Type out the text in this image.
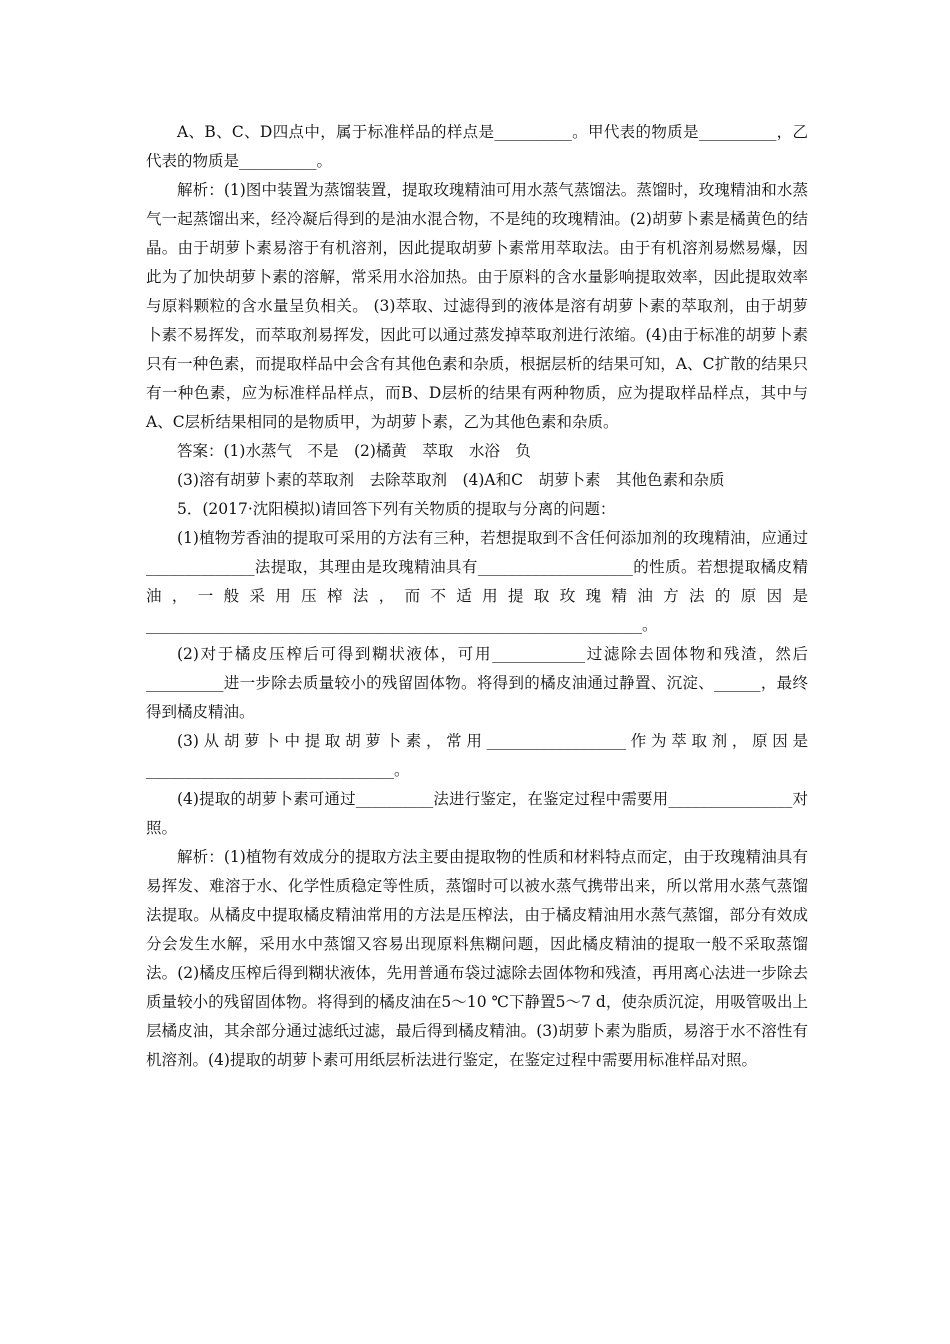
A、B、C、D四点中，属于标准样品的样点是__________。甲代表的物质是__________，乙代表的物质是__________。

解析：(1)图中装置为蒸馏装置，提取玫瑰精油可用水蒸气蒸馏法。蒸馏时，玫瑰精油和水蒸气一起蒸馏出来，经冷凝后得到的是油水混合物，不是纯的玫瑰精油。(2)胡萝卜素是橘黄色的结晶。由于胡萝卜素易溶于有机溶剂，因此提取胡萝卜素常用萃取法。由于有机溶剂易燃易爆，因此为了加快胡萝卜素的溶解，常采用水浴加热。由于原料的含水量影响提取效率，因此提取效率与原料颗粒的含水量呈负相关。 (3)萃取、过滤得到的液体是溶有胡萝卜素的萃取剂，由于胡萝卜素不易挥发，而萃取剂易挥发，因此可以通过蒸发掉萃取剂进行浓缩。(4)由于标准的胡萝卜素只有一种色素，而提取样品中会含有其他色素和杂质，根据层析的结果可知，A、C扩散的结果只有一种色素，应为标准样品样点，而B、D层析的结果有两种物质，应为提取样品样点，其中与A、C层析结果相同的是物质甲，为胡萝卜素，乙为其他色素和杂质。

答案：(1)水蒸气　不是　(2)橘黄　萃取　水浴　负

(3)溶有胡萝卜素的萃取剂　去除萃取剂　(4)A和C　胡萝卜素　其他色素和杂质

5．(2017·沈阳模拟)请回答下列有关物质的提取与分离的问题：

(1)植物芳香油的提取可采用的方法有三种，若想提取到不含任何添加剂的玫瑰精油，应通过______________法提取，其理由是玫瑰精油具有____________________的性质。若想提取橘皮精油，一般采用压榨法，而不适用提取玫瑰精油方法的原因是________________________________________________________________。

(2)对于橘皮压榨后可得到糊状液体，可用____________过滤除去固体物和残渣，然后__________进一步除去质量较小的残留固体物。将得到的橘皮油通过静置、沉淀、______，最终得到橘皮精油。

(3)从胡萝卜中提取胡萝卜素，常用__________________作为萃取剂，原因是________________________________。

(4)提取的胡萝卜素可通过__________法进行鉴定，在鉴定过程中需要用________________对照。

解析：(1)植物有效成分的提取方法主要由提取物的性质和材料特点而定，由于玫瑰精油具有易挥发、难溶于水、化学性质稳定等性质，蒸馏时可以被水蒸气携带出来，所以常用水蒸气蒸馏法提取。从橘皮中提取橘皮精油常用的方法是压榨法，由于橘皮精油用水蒸气蒸馏，部分有效成分会发生水解，采用水中蒸馏又容易出现原料焦糊问题，因此橘皮精油的提取一般不采取蒸馏法。(2)橘皮压榨后得到糊状液体，先用普通布袋过滤除去固体物和残渣，再用离心法进一步除去质量较小的残留固体物。将得到的橘皮油在5～10 ℃下静置5～7 d，使杂质沉淀，用吸管吸出上层橘皮油，其余部分通过滤纸过滤，最后得到橘皮精油。(3)胡萝卜素为脂质，易溶于水不溶性有机溶剂。(4)提取的胡萝卜素可用纸层析法进行鉴定，在鉴定过程中需要用标准样品对照。
